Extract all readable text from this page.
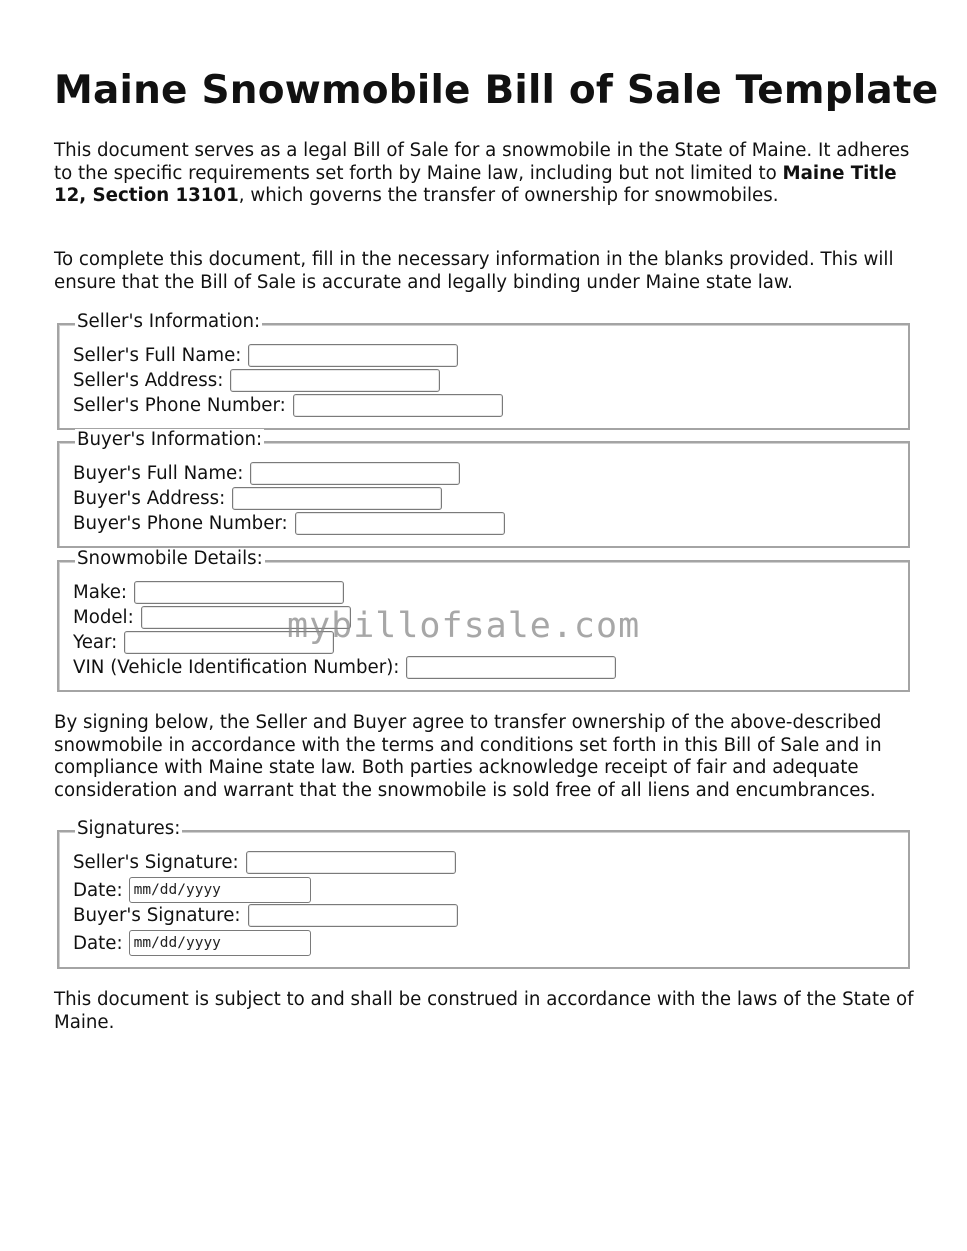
Maine Snowmobile Bill of Sale Template

This document serves as a legal Bill of Sale for a snowmobile in the State of Maine. It adheres to the specific requirements set forth by Maine law, including but not limited to Maine Title 12, Section 13101, which governs the transfer of ownership for snowmobiles.

To complete this document, fill in the necessary information in the blanks provided. This will ensure that the Bill of Sale is accurate and legally binding under Maine state law.

Seller's Information:
Seller's Full Name:
Seller's Address:
Seller's Phone Number:
Buyer's Information:
Buyer's Full Name:
Buyer's Address:
Buyer's Phone Number:
Snowmobile Details:
Make:
Model:
Year:
VIN (Vehicle Identification Number):
mybillofsale.com

By signing below, the Seller and Buyer agree to transfer ownership of the above-described snowmobile in accordance with the terms and conditions set forth in this Bill of Sale and in compliance with Maine state law. Both parties acknowledge receipt of fair and adequate consideration and warrant that the snowmobile is sold free of all liens and encumbrances.

Signatures:
Seller's Signature:
Date: mm/dd/yyyy
Buyer's Signature:
Date: mm/dd/yyyy

This document is subject to and shall be construed in accordance with the laws of the State of Maine.
